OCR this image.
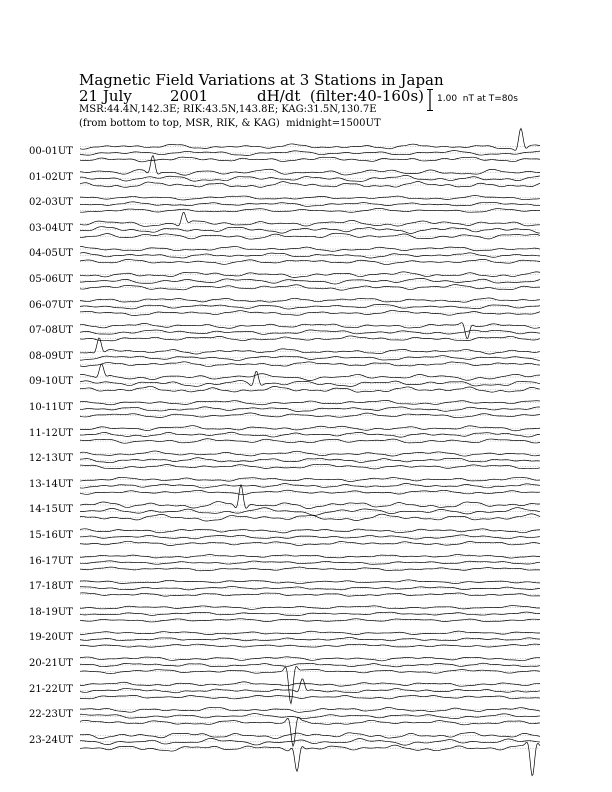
Magnetic Field Variations at 3 Stations in Japan

21 July

	2001

	dH/dt  (filter:40-160s)

MSR:44.4N,142.3E; RIK:43.5N,143.8E; KAG:31.5N,130.7E
(from bottom to top, MSR, RIK, & KAG)  midnight=1500UT
1.00  nT at T=80s
00-01UT
01-02UT
02-03UT
03-04UT
04-05UT
05-06UT
06-07UT
07-08UT
08-09UT
09-10UT
10-11UT
11-12UT
12-13UT
13-14UT
14-15UT
15-16UT
16-17UT
17-18UT
18-19UT
19-20UT
20-21UT
21-22UT
22-23UT
23-24UT
